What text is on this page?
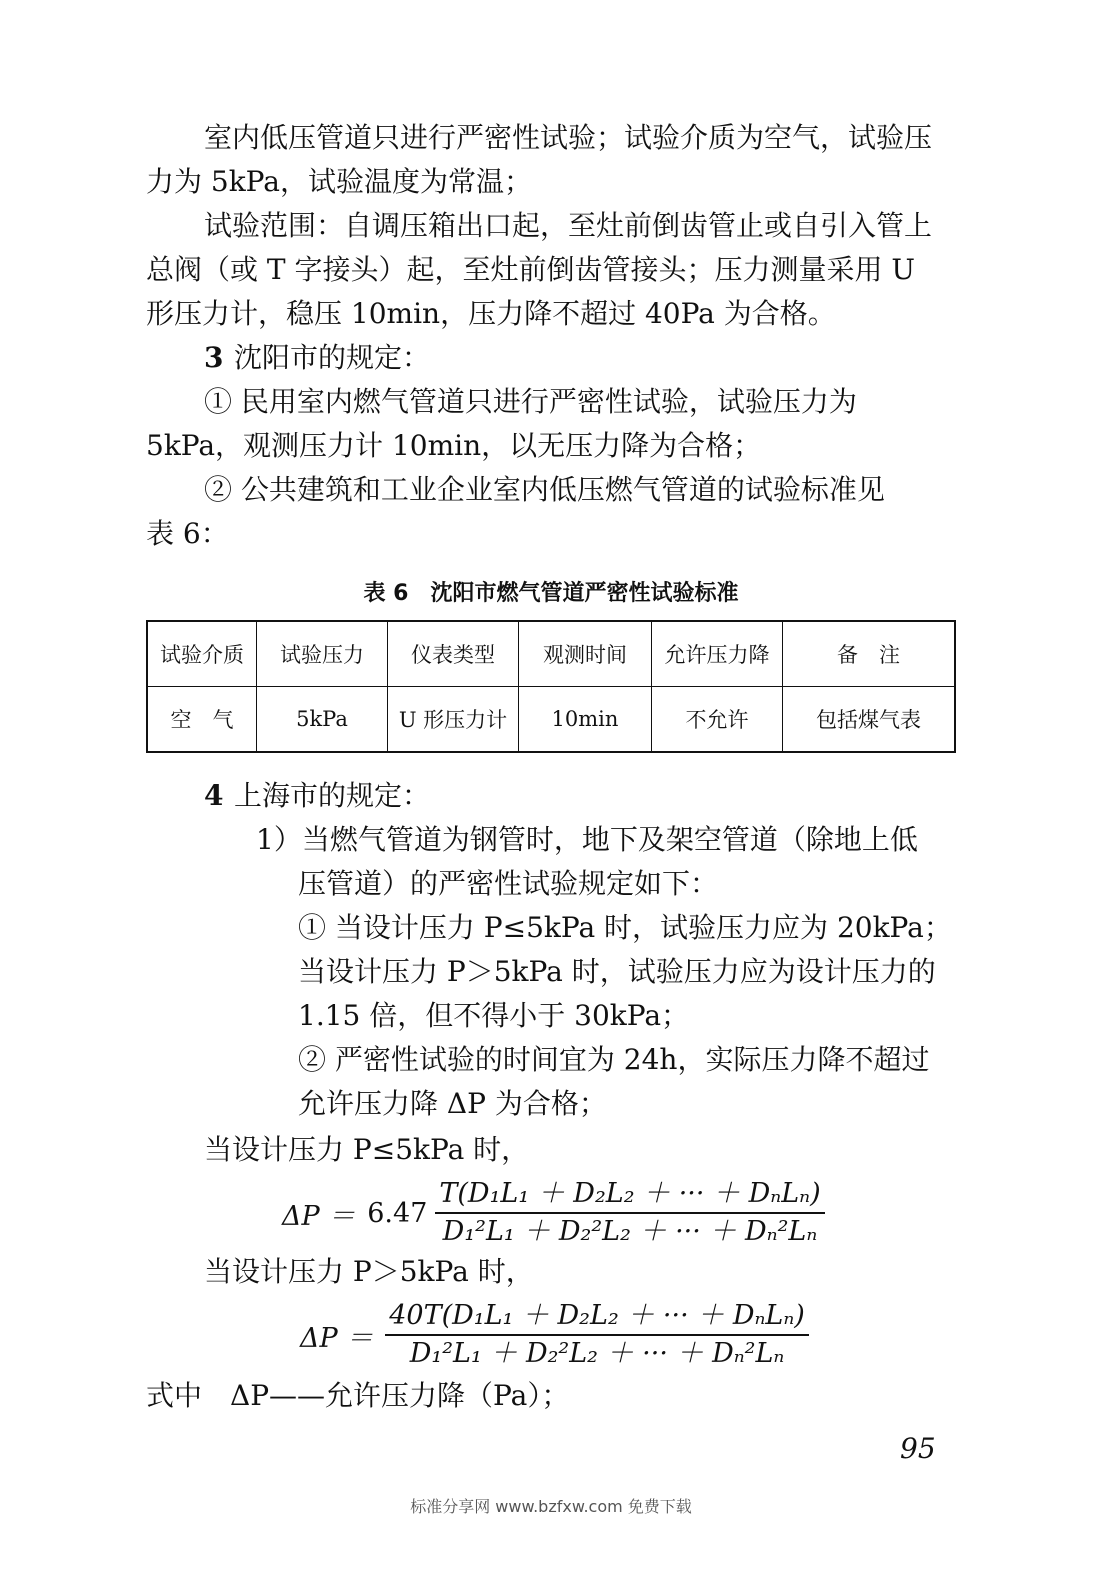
室内低压管道只进行严密性试验；试验介质为空气，试验压
力为 5kPa，试验温度为常温；
试验范围：自调压箱出口起，至灶前倒齿管止或自引入管上
总阀（或 T 字接头）起，至灶前倒齿管接头；压力测量采用 U
形压力计，稳压 10min，压力降不超过 40Pa 为合格。
3 沈阳市的规定：
① 民用室内燃气管道只进行严密性试验，试验压力为
5kPa，观测压力计 10min，以无压力降为合格；
② 公共建筑和工业企业室内低压燃气管道的试验标准见
表 6：
表 6　沈阳市燃气管道严密性试验标准
试验介质	试验压力	仪表类型	观测时间	允许压力降	备　注
空　气	5kPa	U 形压力计	10min	不允许	包括煤气表
4 上海市的规定：
1）当燃气管道为钢管时，地下及架空管道（除地上低
压管道）的严密性试验规定如下：
① 当设计压力 P≤5kPa 时，试验压力应为 20kPa；
当设计压力 P＞5kPa 时，试验压力应为设计压力的
1.15 倍，但不得小于 30kPa；
② 严密性试验的时间宜为 24h，实际压力降不超过
允许压力降 ΔP 为合格；
当设计压力 P≤5kPa 时，
ΔP ＝ 6.47
T(D₁L₁ ＋ D₂L₂ ＋ ··· ＋ DₙLₙ)
D₁²L₁ ＋ D₂²L₂ ＋ ··· ＋ Dₙ²Lₙ
当设计压力 P＞5kPa 时，
ΔP ＝
40T(D₁L₁ ＋ D₂L₂ ＋ ··· ＋ DₙLₙ)
D₁²L₁ ＋ D₂²L₂ ＋ ··· ＋ Dₙ²Lₙ
式中　ΔP——允许压力降（Pa）；
95
标准分享网 www.bzfxw.com 免费下载
